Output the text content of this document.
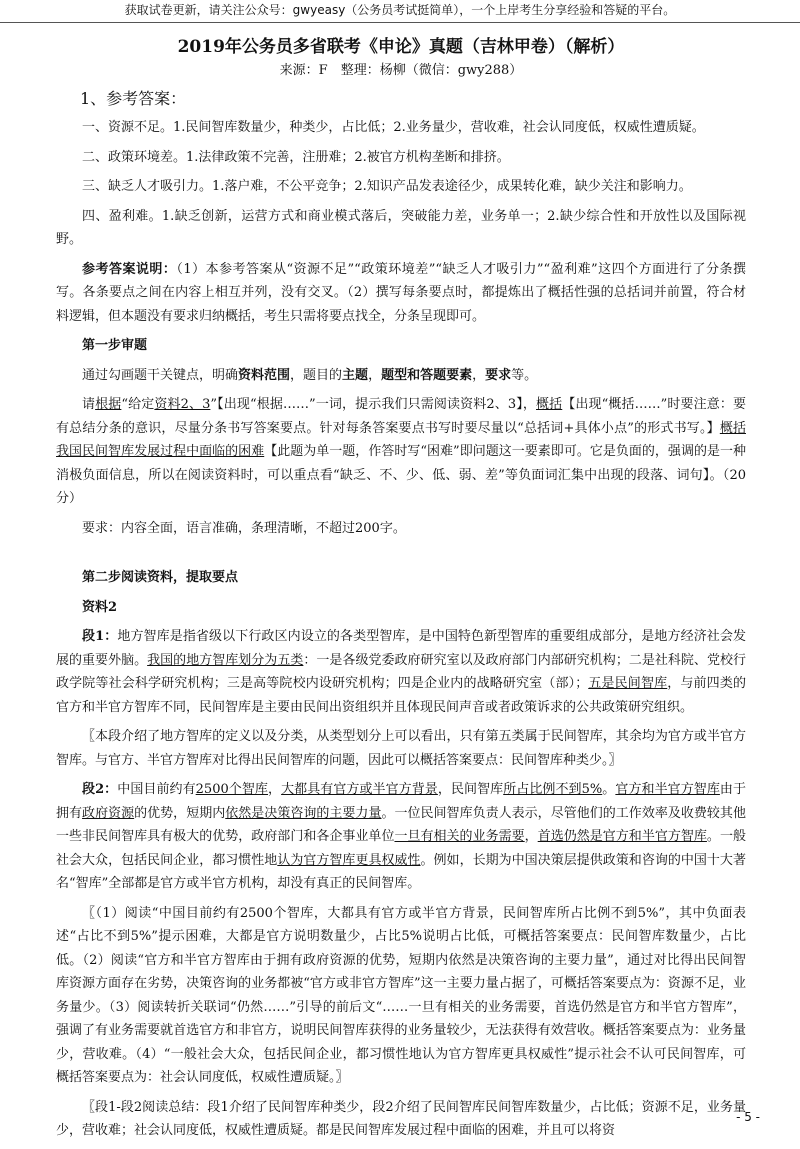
获取试卷更新，请关注公众号：gwyeasy（公务员考试挺简单），一个上岸考生分享经验和答疑的平台。
2019年公务员多省联考《申论》真题（吉林甲卷）（解析）
来源：F　整理：杨柳（微信：gwy288）
1、参考答案：

一、资源不足。1.民间智库数量少，种类少，占比低；2.业务量少，营收难，社会认同度低，权威性遭质疑。

二、政策环境差。1.法律政策不完善，注册难；2.被官方机构垄断和排挤。

三、缺乏人才吸引力。1.落户难，不公平竞争；2.知识产品发表途径少，成果转化难，缺少关注和影响力。

四、盈利难。1.缺乏创新，运营方式和商业模式落后，突破能力差，业务单一；2.缺少综合性和开放性以及国际视野。

参考答案说明：（1）本参考答案从“资源不足”“政策环境差”“缺乏人才吸引力”“盈利难”这四个方面进行了分条撰写。各条要点之间在内容上相互并列，没有交叉。（2）撰写每条要点时，都提炼出了概括性强的总括词并前置，符合材料逻辑，但本题没有要求归纳概括，考生只需将要点找全，分条呈现即可。

第一步审题

通过勾画题干关键点，明确资料范围，题目的主题，题型和答题要素，要求等。

请根据“给定资料2、3”【出现“根据……”一词，提示我们只需阅读资料2、3】，概括【出现“概括……”时要注意：要有总结分条的意识，尽量分条书写答案要点。针对每条答案要点书写时要尽量以“总括词+具体小点”的形式书写。】概括我国民间智库发展过程中面临的困难【此题为单一题，作答时写“困难”即问题这一要素即可。它是负面的，强调的是一种消极负面信息，所以在阅读资料时，可以重点看“缺乏、不、少、低、弱、差”等负面词汇集中出现的段落、词句】。（20分）

要求：内容全面，语言准确，条理清晰，不超过200字。

第二步阅读资料，提取要点

资料2

段1：地方智库是指省级以下行政区内设立的各类型智库，是中国特色新型智库的重要组成部分，是地方经济社会发展的重要外脑。我国的地方智库划分为五类：一是各级党委政府研究室以及政府部门内部研究机构；二是社科院、党校行政学院等社会科学研究机构；三是高等院校内设研究机构；四是企业内的战略研究室（部）；五是民间智库，与前四类的官方和半官方智库不同，民间智库是主要由民间出资组织并且体现民间声音或者政策诉求的公共政策研究组织。

〖本段介绍了地方智库的定义以及分类，从类型划分上可以看出，只有第五类属于民间智库，其余均为官方或半官方智库。与官方、半官方智库对比得出民间智库的问题，因此可以概括答案要点：民间智库种类少。〗

段2：中国目前约有2500个智库，大都具有官方或半官方背景，民间智库所占比例不到5%。官方和半官方智库由于拥有政府资源的优势，短期内依然是决策咨询的主要力量。一位民间智库负责人表示，尽管他们的工作效率及收费较其他一些非民间智库具有极大的优势，政府部门和各企事业单位一旦有相关的业务需要，首选仍然是官方和半官方智库。一般社会大众，包括民间企业，都习惯性地认为官方智库更具权威性。例如，长期为中国决策层提供政策和咨询的中国十大著名“智库”全部都是官方或半官方机构，却没有真正的民间智库。

〖（1）阅读“中国目前约有2500个智库，大都具有官方或半官方背景，民间智库所占比例不到5%”，其中负面表述“占比不到5%”提示困难，大都是官方说明数量少，占比5%说明占比低，可概括答案要点：民间智库数量少，占比低。（2）阅读“官方和半官方智库由于拥有政府资源的优势，短期内依然是决策咨询的主要力量”，通过对比得出民间智库资源方面存在劣势，决策咨询的业务都被“官方或非官方智库”这一主要力量占据了，可概括答案要点为：资源不足，业务量少。（3）阅读转折关联词“仍然……”引导的前后文“……一旦有相关的业务需要，首选仍然是官方和半官方智库”，强调了有业务需要就首选官方和非官方，说明民间智库获得的业务量较少，无法获得有效营收。概括答案要点为：业务量少，营收难。（4）“一般社会大众，包括民间企业，都习惯性地认为官方智库更具权威性”提示社会不认可民间智库，可概括答案要点为：社会认同度低，权威性遭质疑。〗

〖段1-段2阅读总结：段1介绍了民间智库种类少，段2介绍了民间智库民间智库数量少，占比低；资源不足，业务量少，营收难；社会认同度低，权威性遭质疑。都是民间智库发展过程中面临的困难，并且可以将资

- 5 -
